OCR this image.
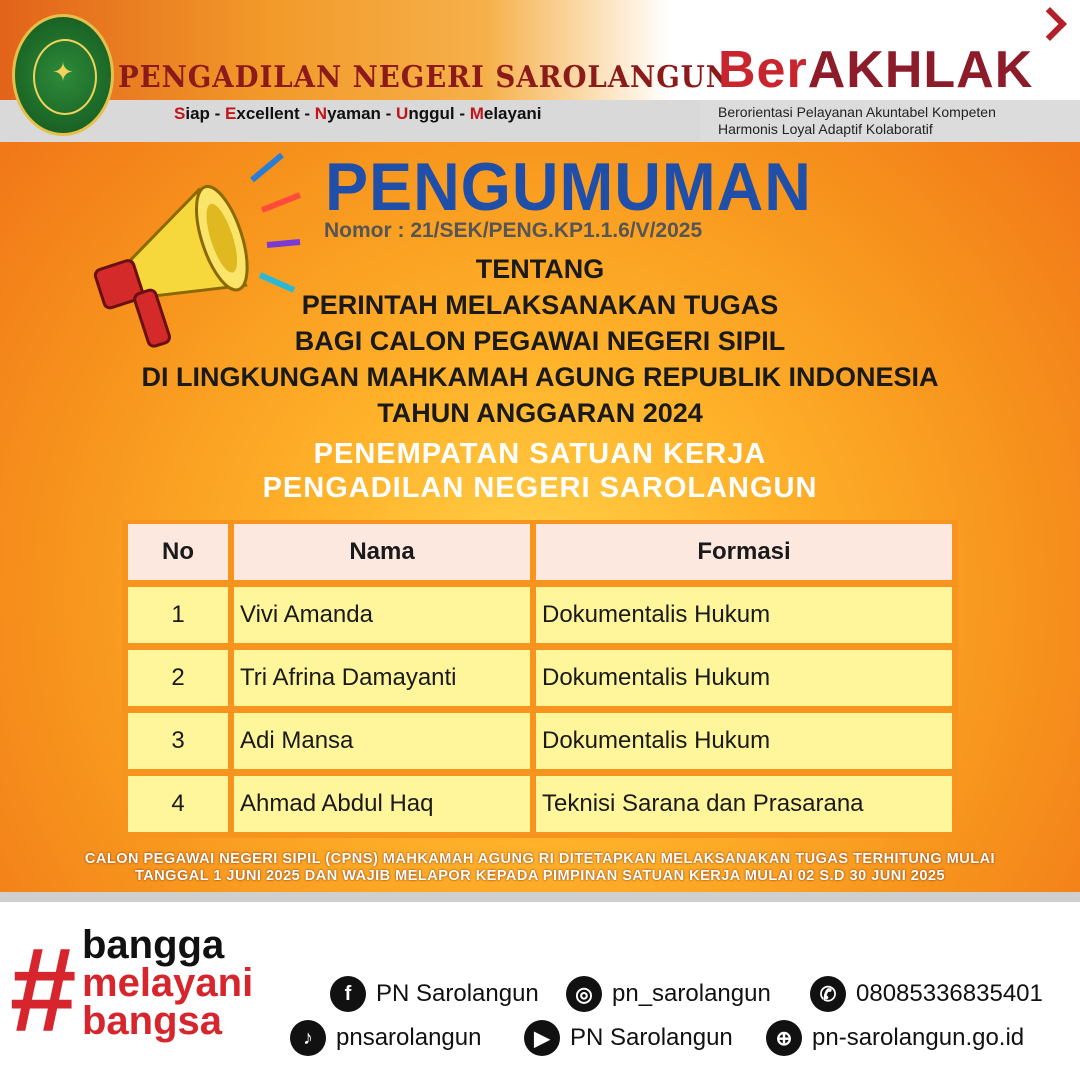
✦ PENGADILAN NEGERI SAROLANGUN
Siap - Excellent - Nyaman - Unggul - Melayani
BerAKHLAK
Berorientasi Pelayanan Akuntabel Kompeten
Harmonis Loyal Adaptif Kolaboratif
PENGUMUMAN
Nomor : 21/SEK/PENG.KP1.1.6/V/2025
TENTANG
PERINTAH MELAKSANAKAN TUGAS
BAGI CALON PEGAWAI NEGERI SIPIL
DI LINGKUNGAN MAHKAMAH AGUNG REPUBLIK INDONESIA
TAHUN ANGGARAN 2024
PENEMPATAN SATUAN KERJA
PENGADILAN NEGERI SAROLANGUN
No	Nama	Formasi
1	Vivi Amanda	Dokumentalis Hukum
2	Tri Afrina Damayanti	Dokumentalis Hukum
3	Adi Mansa	Dokumentalis Hukum
4	Ahmad Abdul Haq	Teknisi Sarana dan Prasarana
CALON PEGAWAI NEGERI SIPIL (CPNS) MAHKAMAH AGUNG RI DITETAPKAN MELAKSANAKAN TUGAS TERHITUNG MULAI
TANGGAL 1 JUNI 2025 DAN WAJIB MELAPOR KEPADA PIMPINAN SATUAN KERJA MULAI 02 S.D 30 JUNI 2025
# bangga
melayani
bangsa
f	PN Sarolangun	◎ pn_sarolangun	✆ 08085336835401
♪ pnsarolangun	▶ PN Sarolangun	⊕ pn-sarolangun.go.id
